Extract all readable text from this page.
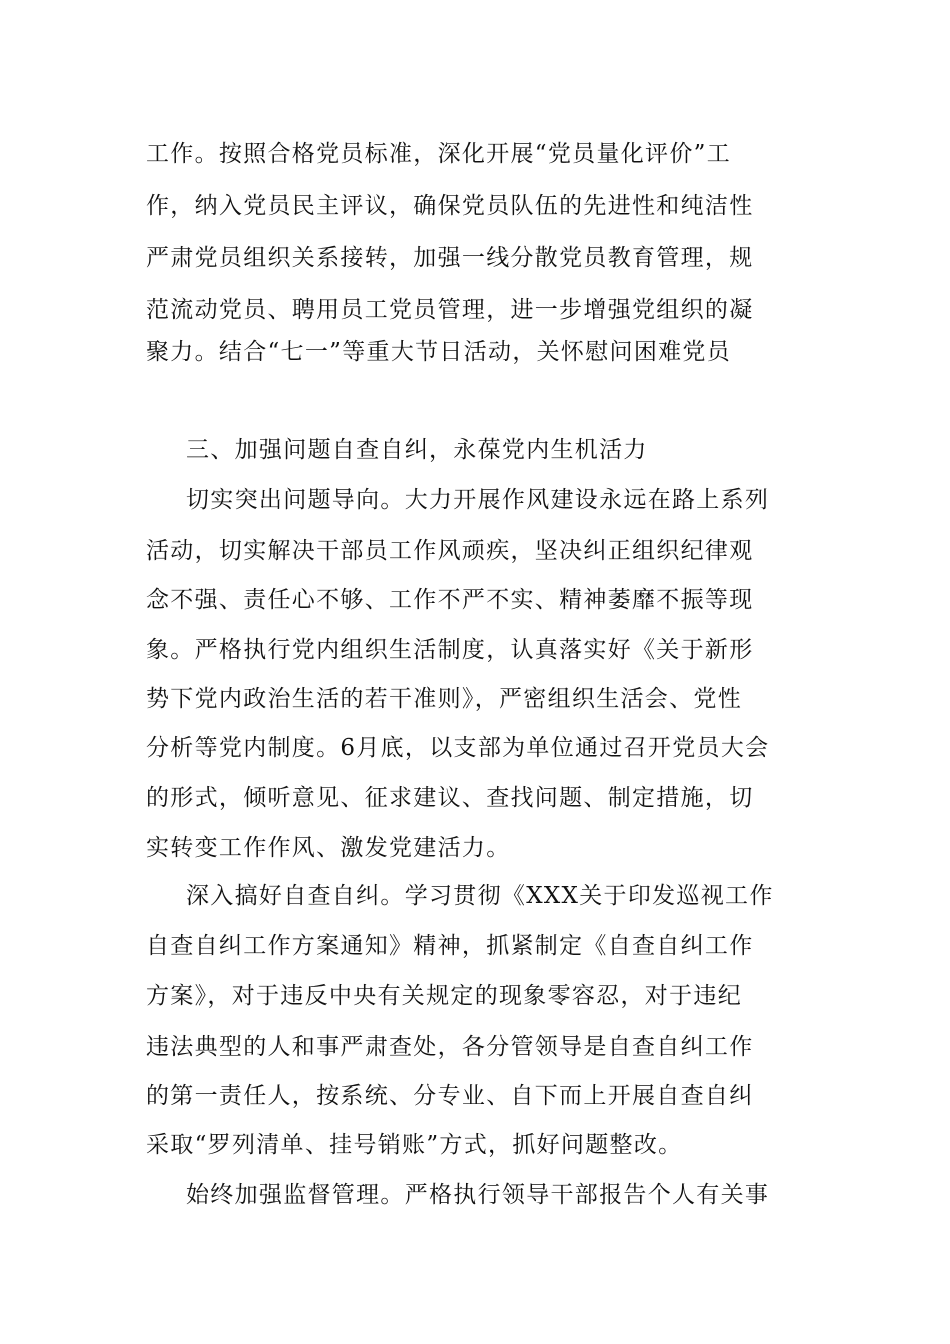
工作。按照合格党员标准，深化开展“党员量化评价”工
作，纳入党员民主评议，确保党员队伍的先进性和纯洁性
严肃党员组织关系接转，加强一线分散党员教育管理，规
范流动党员、聘用员工党员管理，进一步增强党组织的凝
聚力。结合“七一”等重大节日活动，关怀慰问困难党员
三、加强问题自查自纠，永葆党内生机活力
切实突出问题导向。大力开展作风建设永远在路上系列
活动，切实解决干部员工作风顽疾，坚决纠正组织纪律观
念不强、责任心不够、工作不严不实、精神萎靡不振等现
象。严格执行党内组织生活制度，认真落实好《关于新形
势下党内政治生活的若干准则》，严密组织生活会、党性
分析等党内制度。6月底，以支部为单位通过召开党员大会
的形式，倾听意见、征求建议、查找问题、制定措施，切
实转变工作作风、激发党建活力。
深入搞好自查自纠。学习贯彻《XXX关于印发巡视工作
自查自纠工作方案通知》精神，抓紧制定《自查自纠工作
方案》，对于违反中央有关规定的现象零容忍，对于违纪
违法典型的人和事严肃查处，各分管领导是自查自纠工作
的第一责任人，按系统、分专业、自下而上开展自查自纠
采取“罗列清单、挂号销账”方式，抓好问题整改。
始终加强监督管理。严格执行领导干部报告个人有关事
